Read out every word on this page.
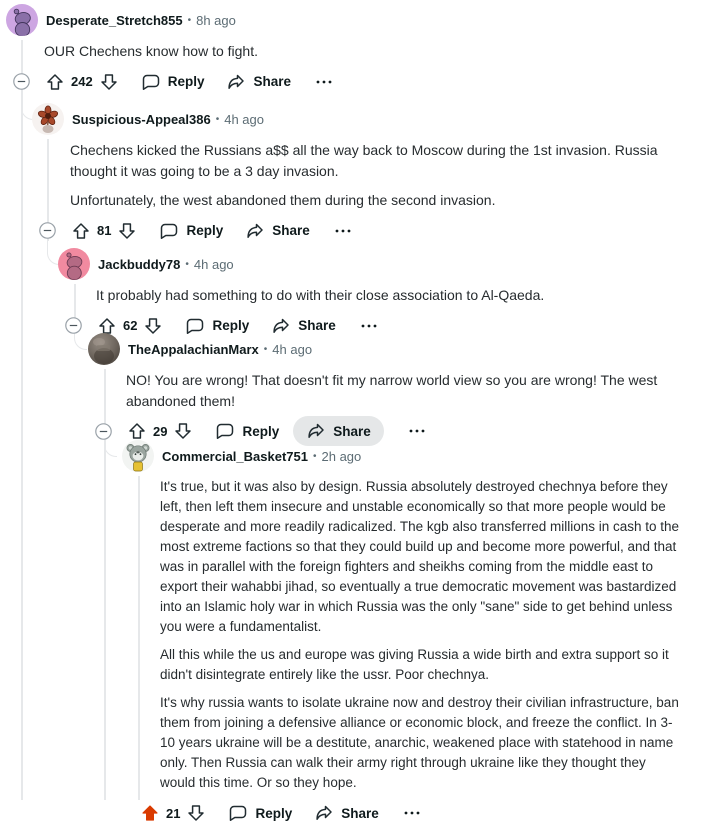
Desperate_Stretch855 • 8h ago

OUR Chechens know how to fight.

242	Reply	Share
Suspicious-Appeal386 • 4h ago

Chechens kicked the Russians a$$ all the way back to Moscow during the 1st invasion. Russia thought it was going to be a 3 day invasion.

Unfortunately, the west abandoned them during the second invasion.

81	Reply	Share
Jackbuddy78 • 4h ago

It probably had something to do with their close association to Al-Qaeda.

62	Reply	Share
TheAppalachianMarx • 4h ago

NO! You are wrong! That doesn't fit my narrow world view so you are wrong! The west abandoned them!

29	Reply	Share
Commercial_Basket751 • 2h ago

It's true, but it was also by design. Russia absolutely destroyed chechnya before they left, then left them insecure and unstable economically so that more people would be desperate and more readily radicalized. The kgb also transferred millions in cash to the most extreme factions so that they could build up and become more powerful, and that was in parallel with the foreign fighters and sheikhs coming from the middle east to export their wahabbi jihad, so eventually a true democratic movement was bastardized into an Islamic holy war in which Russia was the only "sane" side to get behind unless you were a fundamentalist.

All this while the us and europe was giving Russia a wide birth and extra support so it didn't disintegrate entirely like the ussr. Poor chechnya.

It's why russia wants to isolate ukraine now and destroy their civilian infrastructure, ban them from joining a defensive alliance or economic block, and freeze the conflict. In 3-10 years ukraine will be a destitute, anarchic, weakened place with statehood in name only. Then Russia can walk their army right through ukraine like they thought they would this time. Or so they hope.

21	Reply	Share
